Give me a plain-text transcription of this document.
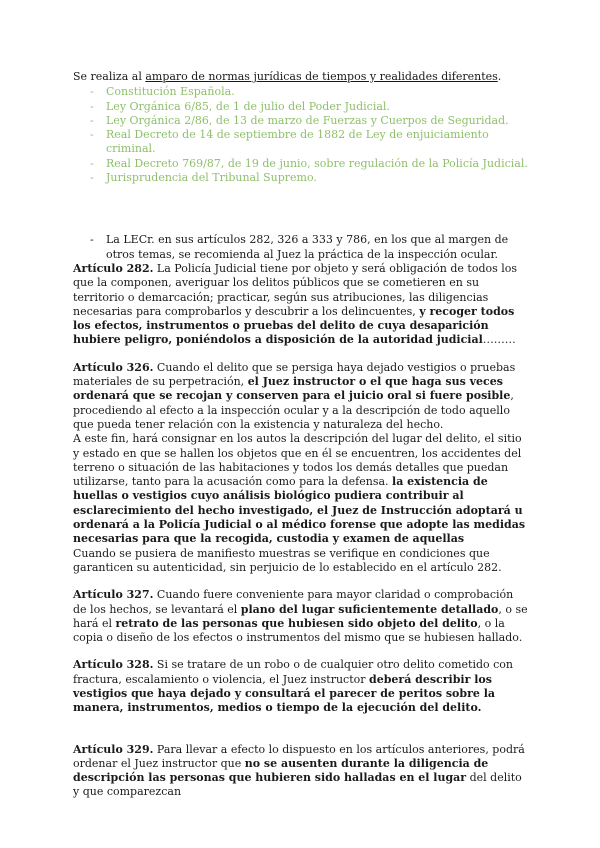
Se realiza al amparo de normas jurídicas de tiempos y realidades diferentes.

- Constitución Española.
- Ley Orgánica 6/85, de 1 de julio del Poder Judicial.
- Ley Orgánica 2/86, de 13 de marzo de Fuerzas y Cuerpos de Seguridad.
- Real Decreto de 14 de septiembre de 1882 de Ley de enjuiciamiento criminal.
- Real Decreto 769/87, de 19 de junio, sobre regulación de la Policía Judicial.
- Jurisprudencia del Tribunal Supremo.

- La LECr. en sus artículos 282, 326 a 333 y 786, en los que al margen de otros temas, se recomienda al Juez la práctica de la inspección ocular.

Artículo 282. La Policía Judicial tiene por objeto y será obligación de todos los que la componen, averiguar los delitos públicos que se cometieren en su territorio o demarcación; practicar, según sus atribuciones, las diligencias necesarias para comprobarlos y descubrir a los delincuentes, y recoger todos los efectos, instrumentos o pruebas del delito de cuya desaparición hubiere peligro, poniéndolos a disposición de la autoridad judicial………

Artículo 326. Cuando el delito que se persiga haya dejado vestigios o pruebas materiales de su perpetración, el Juez instructor o el que haga sus veces ordenará que se recojan y conserven para el juicio oral si fuere posible, procediendo al efecto a la inspección ocular y a la descripción de todo aquello que pueda tener relación con la existencia y naturaleza del hecho.

A este fin, hará consignar en los autos la descripción del lugar del delito, el sitio y estado en que se hallen los objetos que en él se encuentren, los accidentes del terreno o situación de las habitaciones y todos los demás detalles que puedan utilizarse, tanto para la acusación como para la defensa. la existencia de huellas o vestigios cuyo análisis biológico pudiera contribuir al esclarecimiento del hecho investigado, el Juez de Instrucción adoptará u ordenará a la Policía Judicial o al médico forense que adopte las medidas necesarias para que la recogida, custodia y examen de aquellas

Cuando se pusiera de manifiesto muestras se verifique en condiciones que garanticen su autenticidad, sin perjuicio de lo establecido en el artículo 282.

Artículo 327. Cuando fuere conveniente para mayor claridad o comprobación de los hechos, se levantará el plano del lugar suficientemente detallado, o se hará el retrato de las personas que hubiesen sido objeto del delito, o la copia o diseño de los efectos o instrumentos del mismo que se hubiesen hallado.

Artículo 328. Si se tratare de un robo o de cualquier otro delito cometido con fractura, escalamiento o violencia, el Juez instructor deberá describir los vestigios que haya dejado y consultará el parecer de peritos sobre la manera, instrumentos, medios o tiempo de la ejecución del delito.

Artículo 329. Para llevar a efecto lo dispuesto en los artículos anteriores, podrá ordenar el Juez instructor que no se ausenten durante la diligencia de descripción las personas que hubieren sido halladas en el lugar del delito y que comparezcan
